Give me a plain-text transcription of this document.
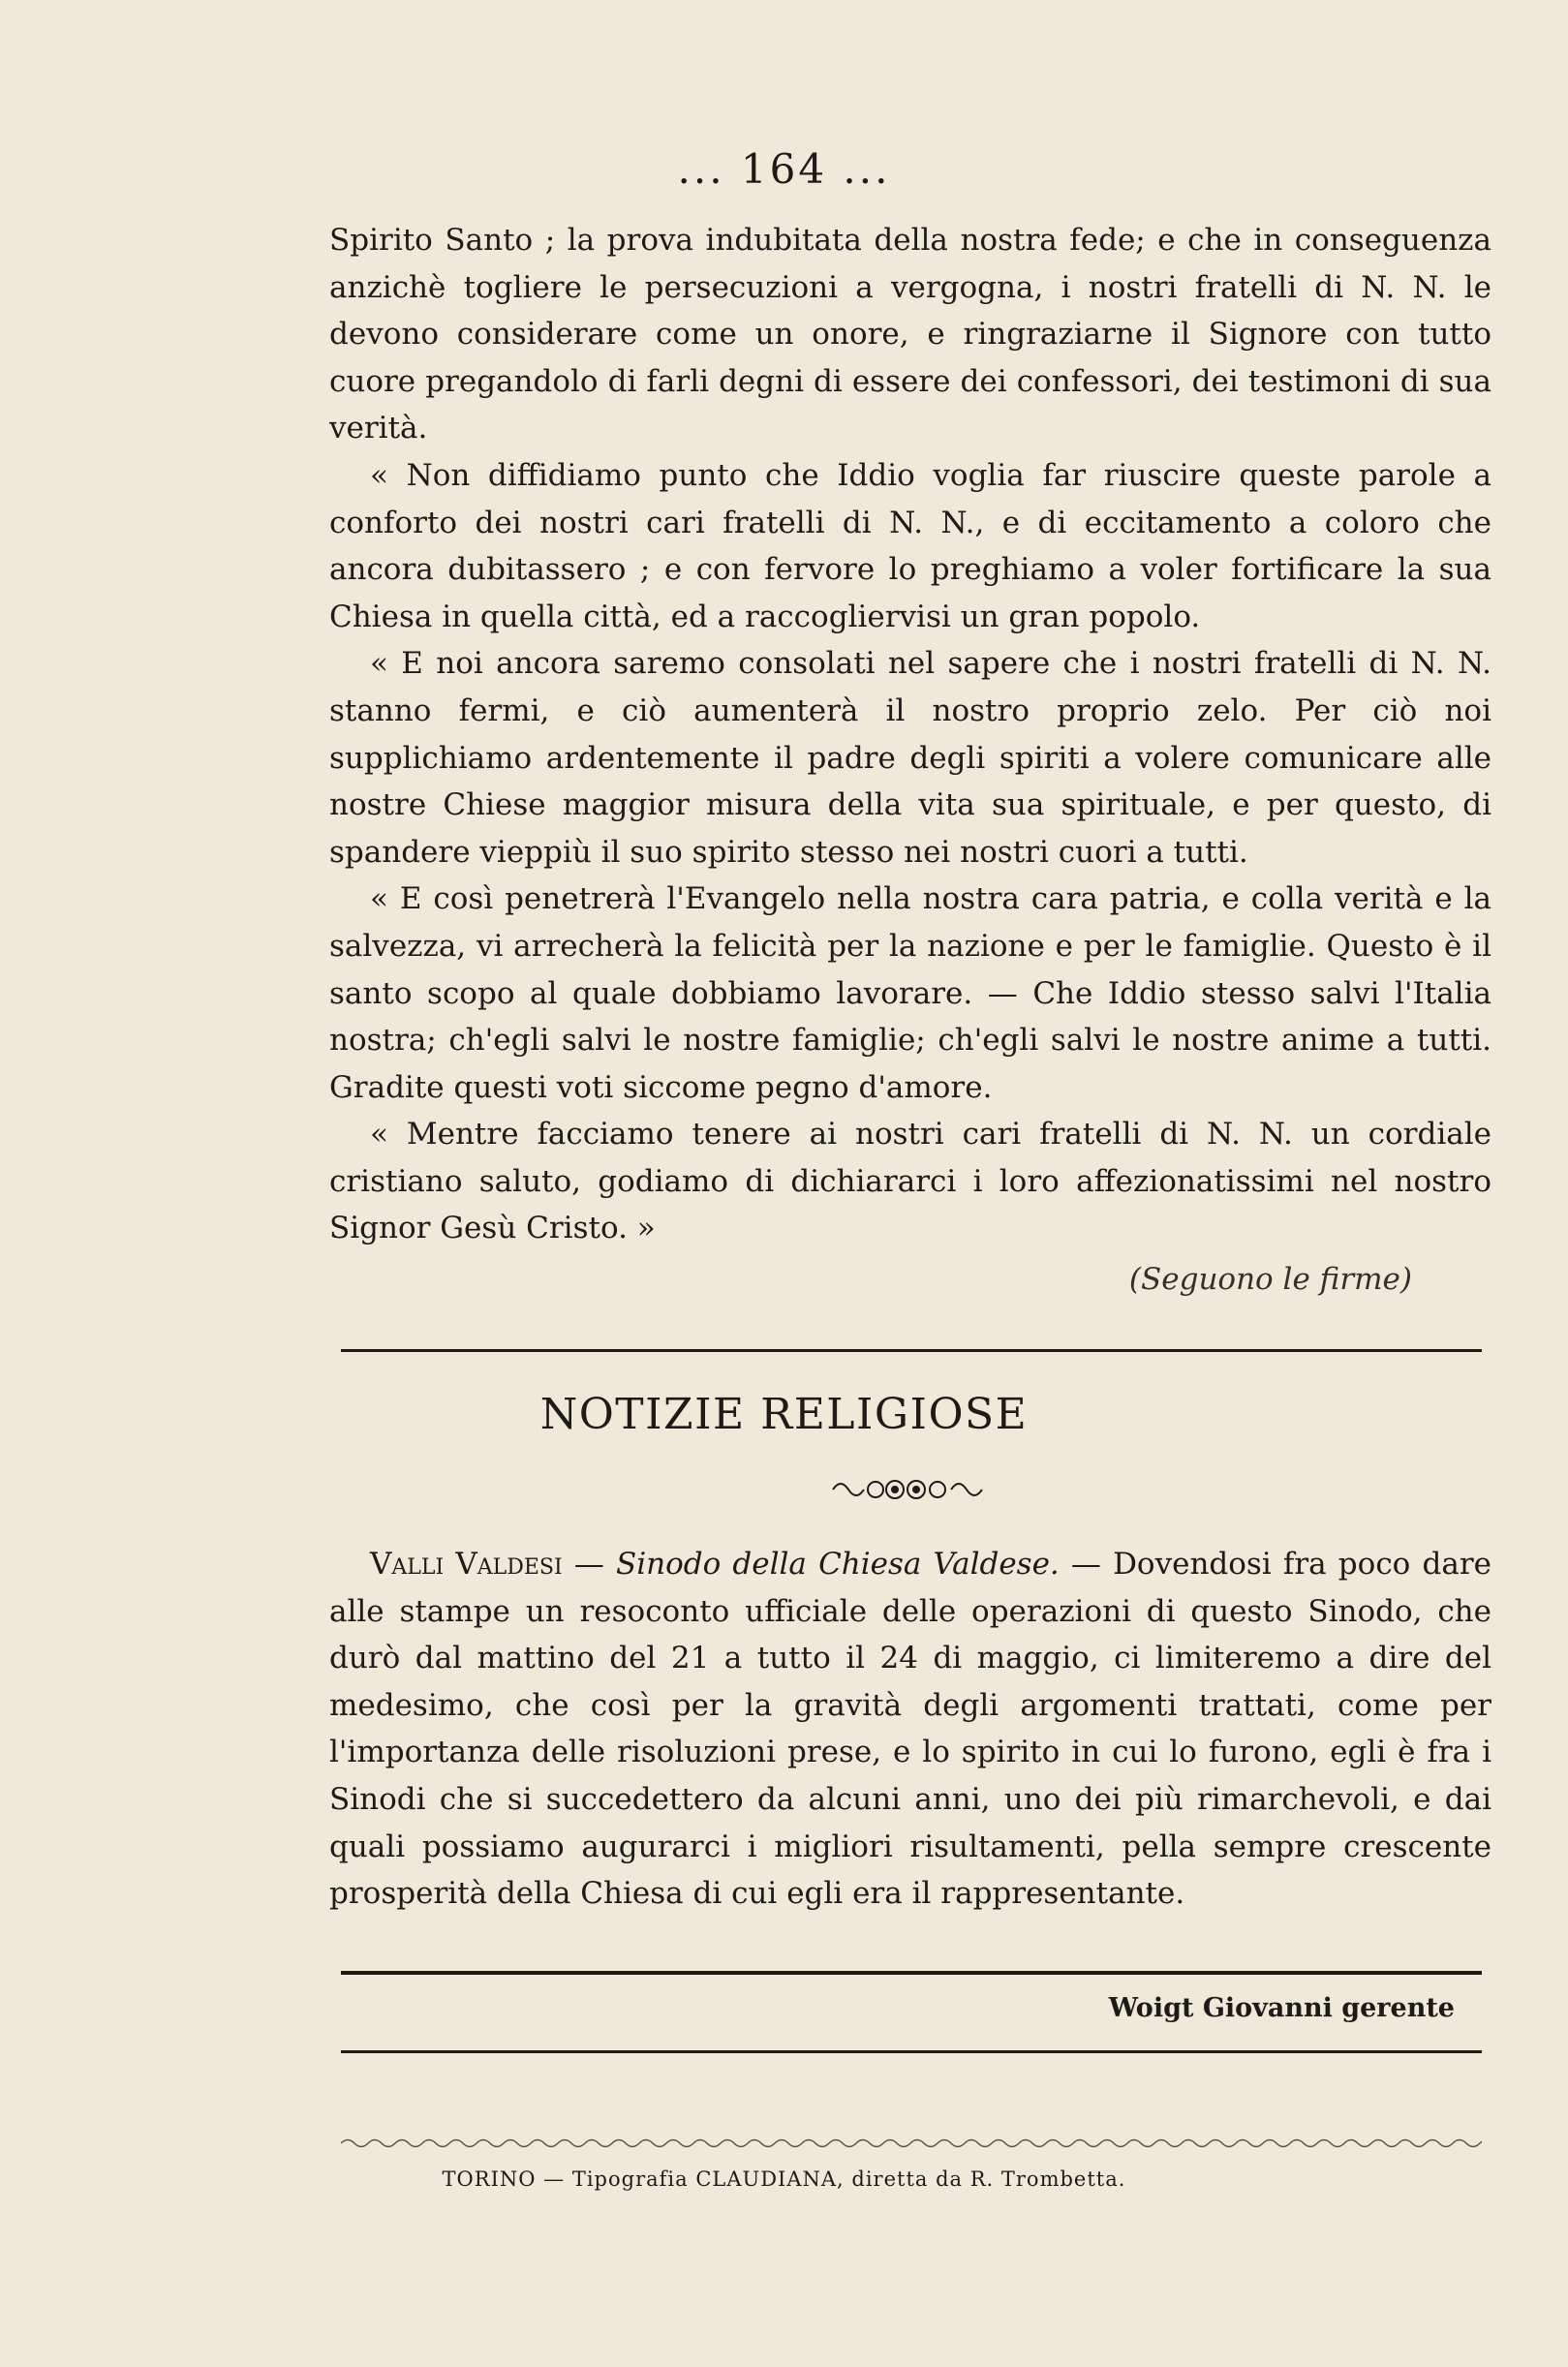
... 164 ...

Spirito Santo ; la prova indubitata della nostra fede; e che in conseguenza anzichè togliere le persecuzioni a vergogna, i nostri fratelli di N. N. le devono considerare come un onore, e ringraziarne il Signore con tutto cuore pregandolo di farli degni di essere dei confessori, dei testimoni di sua verità.

« Non diffidiamo punto che Iddio voglia far riuscire queste parole a conforto dei nostri cari fratelli di N. N., e di eccitamento a coloro che ancora dubitassero ; e con fervore lo preghiamo a voler fortificare la sua Chiesa in quella città, ed a raccogliervisi un gran popolo.

« E noi ancora saremo consolati nel sapere che i nostri fratelli di N. N. stanno fermi, e ciò aumenterà il nostro proprio zelo. Per ciò noi supplichiamo ardentemente il padre degli spiriti a volere comunicare alle nostre Chiese maggior misura della vita sua spirituale, e per questo, di spandere vieppiù il suo spirito stesso nei nostri cuori a tutti.

« E così penetrerà l'Evangelo nella nostra cara patria, e colla verità e la salvezza, vi arrecherà la felicità per la nazione e per le famiglie. Questo è il santo scopo al quale dobbiamo lavorare. — Che Iddio stesso salvi l'Italia nostra; ch'egli salvi le nostre famiglie; ch'egli salvi le nostre anime a tutti. Gradite questi voti siccome pegno d'amore.

« Mentre facciamo tenere ai nostri cari fratelli di N. N. un cordiale cristiano saluto, godiamo di dichiararci i loro affezionatissimi nel nostro Signor Gesù Cristo. »

(Seguono le firme)
NOTIZIE RELIGIOSE

Valli Valdesi — Sinodo della Chiesa Valdese. — Dovendosi fra poco dare alle stampe un resoconto ufficiale delle operazioni di questo Sinodo, che durò dal mattino del 21 a tutto il 24 di maggio, ci limiteremo a dire del medesimo, che così per la gravità degli argomenti trattati, come per l'importanza delle risoluzioni prese, e lo spirito in cui lo furono, egli è fra i Sinodi che si succedettero da alcuni anni, uno dei più rimarchevoli, e dai quali possiamo augurarci i migliori risultamenti, pella sempre crescente prosperità della Chiesa di cui egli era il rappresentante.

Woigt Giovanni gerente
TORINO — Tipografia CLAUDIANA, diretta da R. Trombetta.
